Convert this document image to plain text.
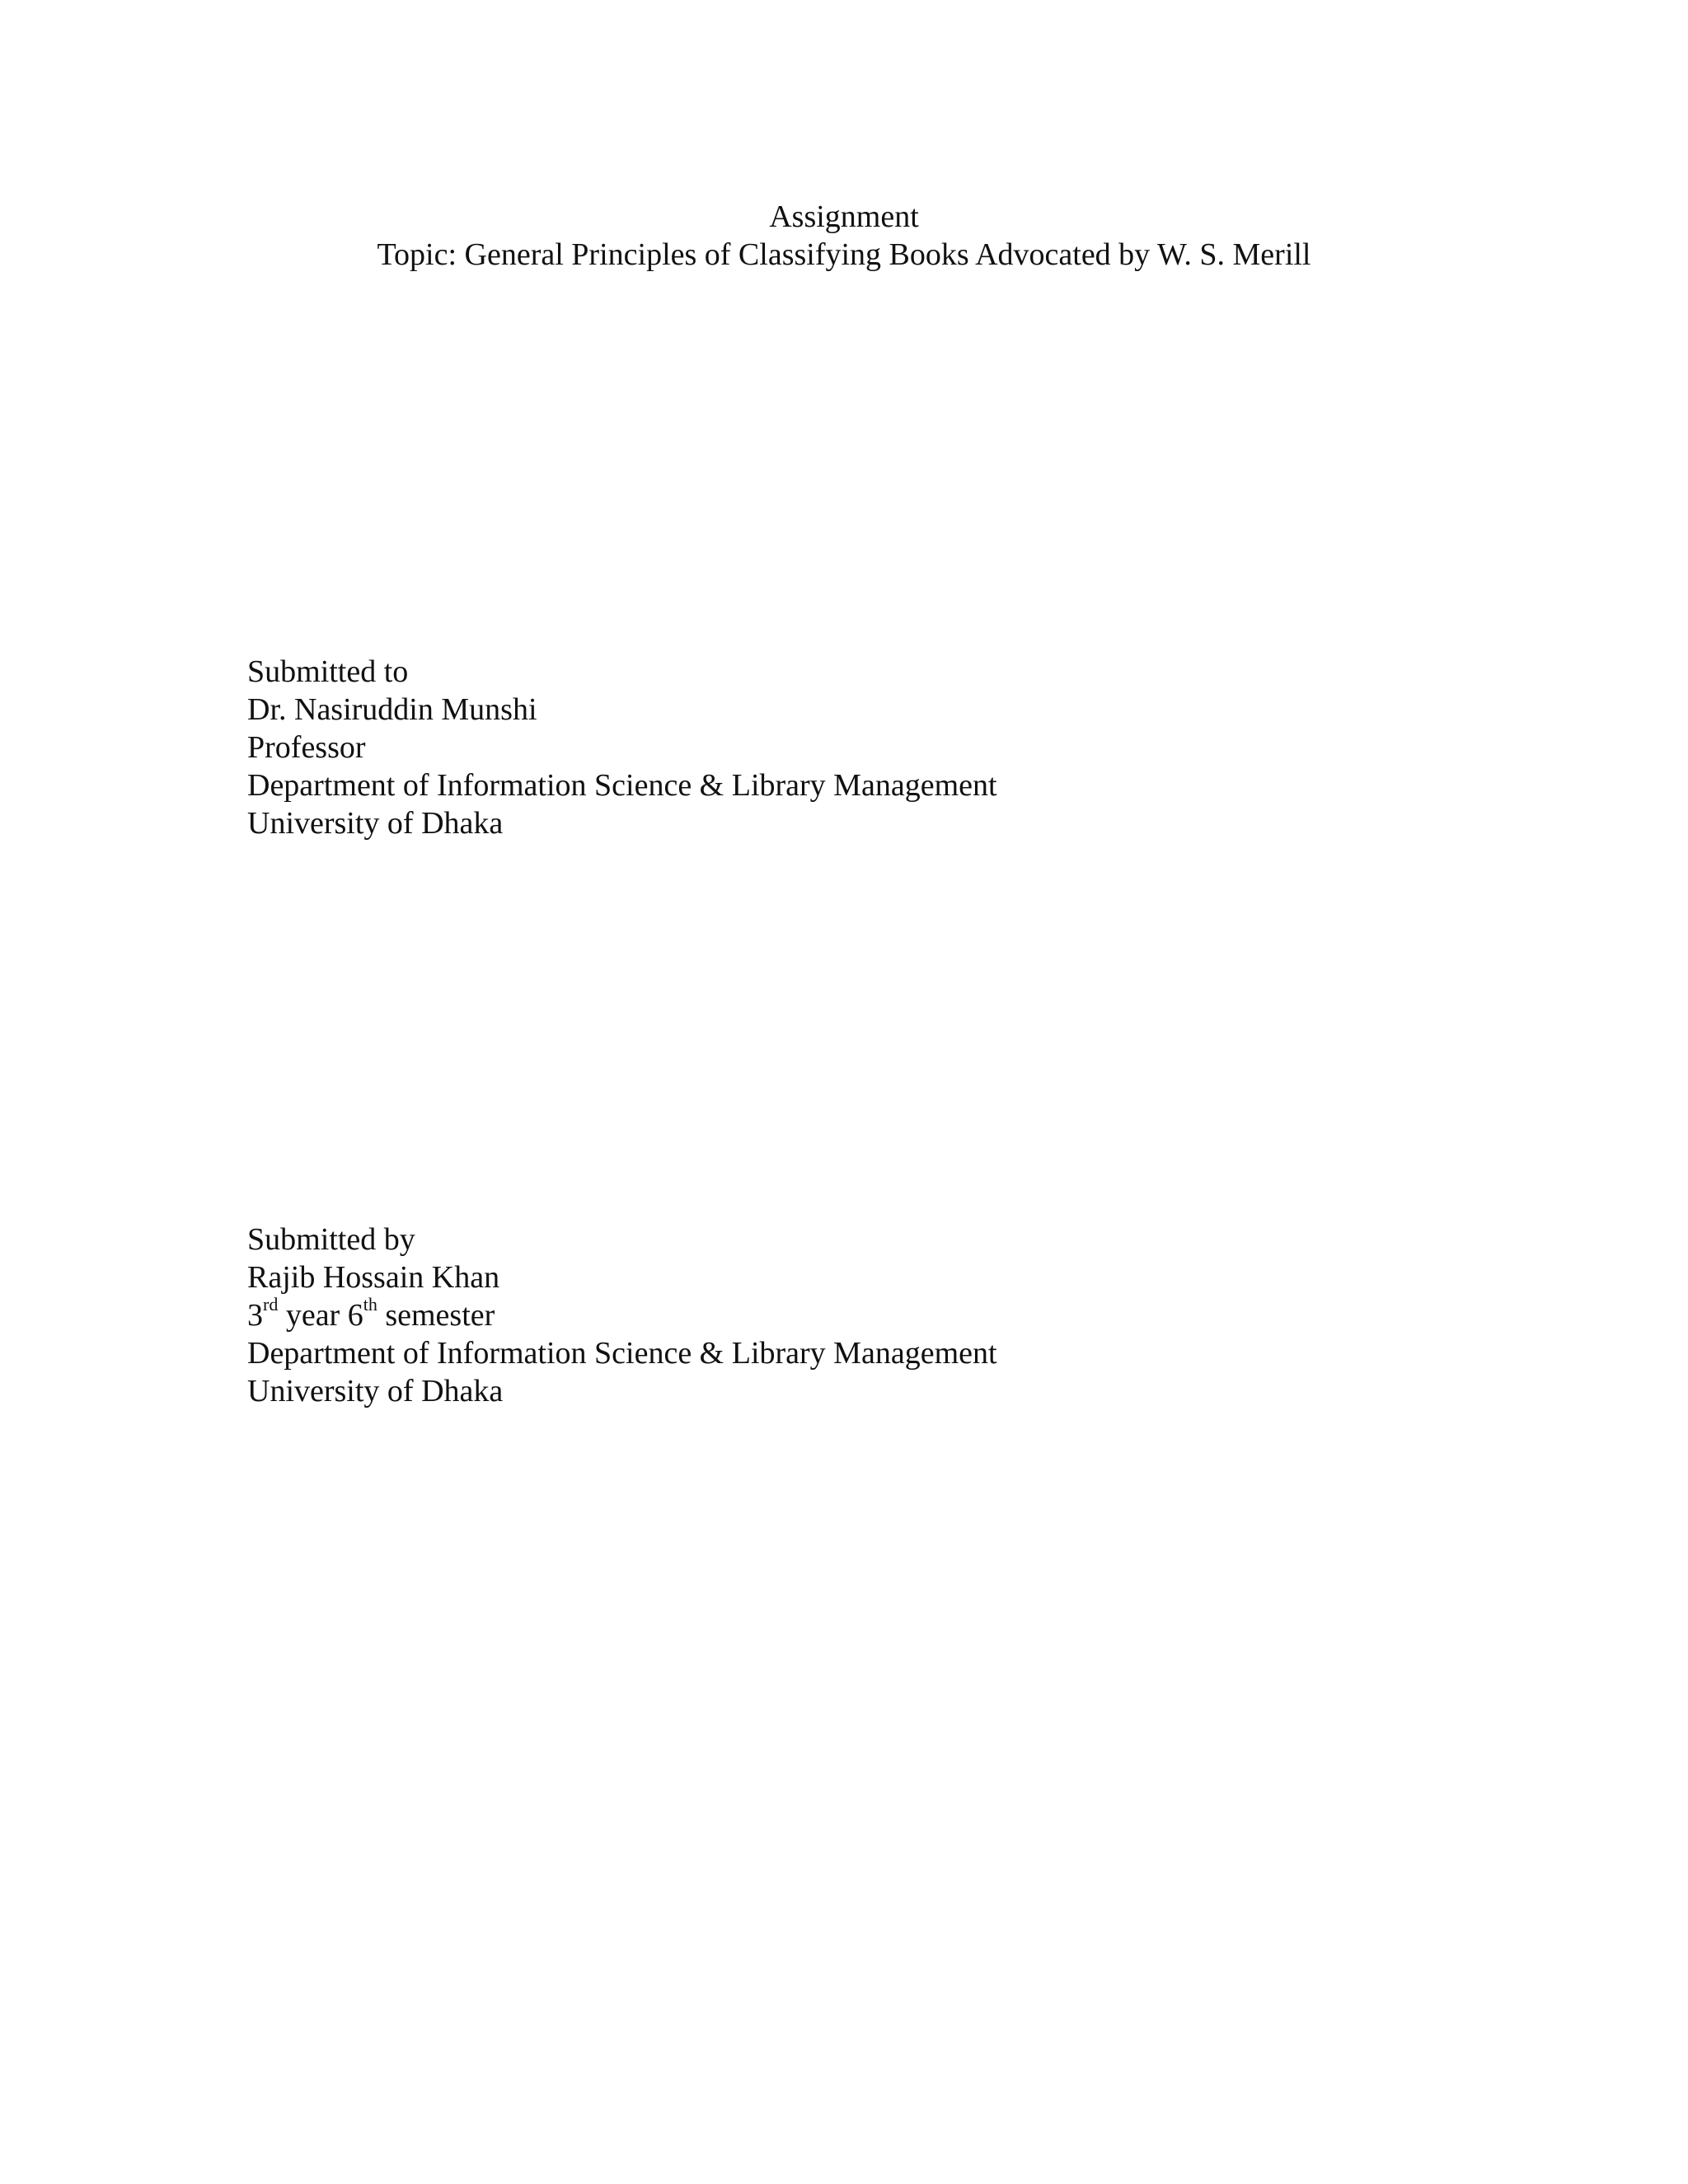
Assignment
Topic: General Principles of Classifying Books Advocated by W. S. Merill
Submitted to
Dr. Nasiruddin Munshi
Professor
Department of Information Science & Library Management
University of Dhaka
Submitted by
Rajib Hossain Khan
3rd year 6th semester
Department of Information Science & Library Management
University of Dhaka
